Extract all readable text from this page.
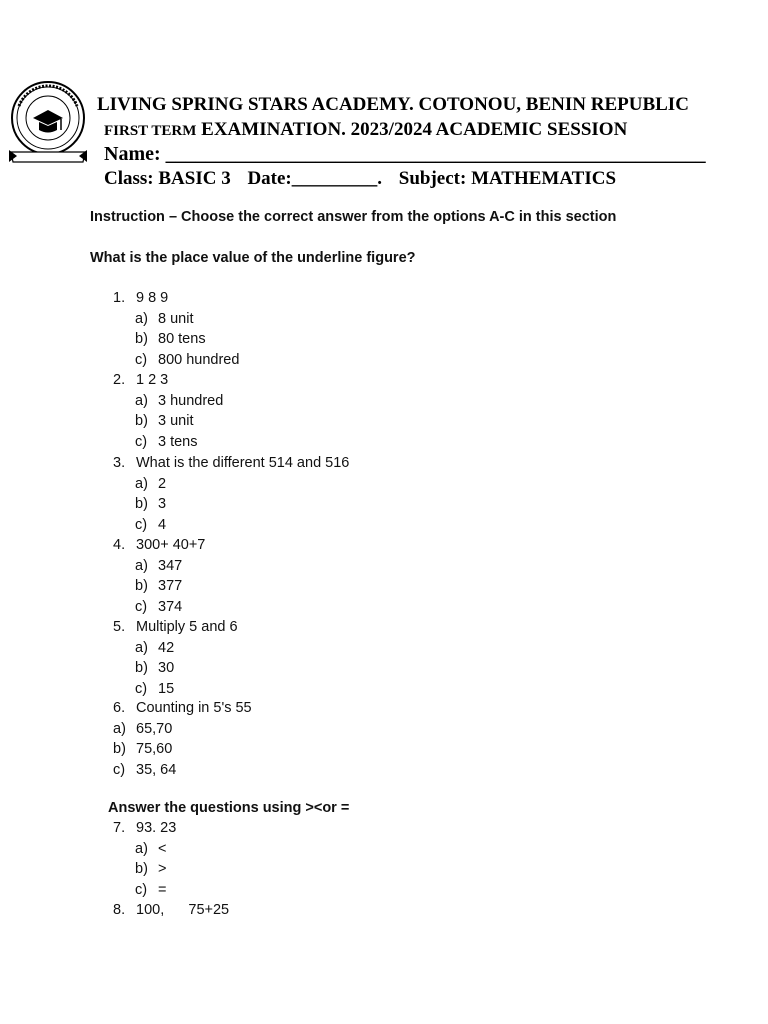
LIVING SPRING STARS ACADEMY. COTONOU, BENIN REPUBLIC
FIRST TERM EXAMINATION. 2023/2024 ACADEMIC SESSION
Name: ______________________________________________________
Class: BASIC 3 Date:_________. Subject: MATHEMATICS
Instruction – Choose the correct answer from the options A-C in this section
What is the place value of the underline figure?
1. 9 8 9
a) 8 unit
b) 80 tens
c) 800 hundred
2. 1 2 3
a) 3 hundred
b) 3 unit
c) 3 tens
3. What is the different 514 and 516
a) 2
b) 3
c) 4
4. 300+ 40+7
a) 347
b) 377
c) 374
5. Multiply 5 and 6
a) 42
b) 30
c) 15
6. Counting in 5's 55
a) 65,70
b) 75,60
c) 35, 64
7. 93. 23
a) <
b) >
c) =
8. 100,      75+25
Answer the questions using ><or =
